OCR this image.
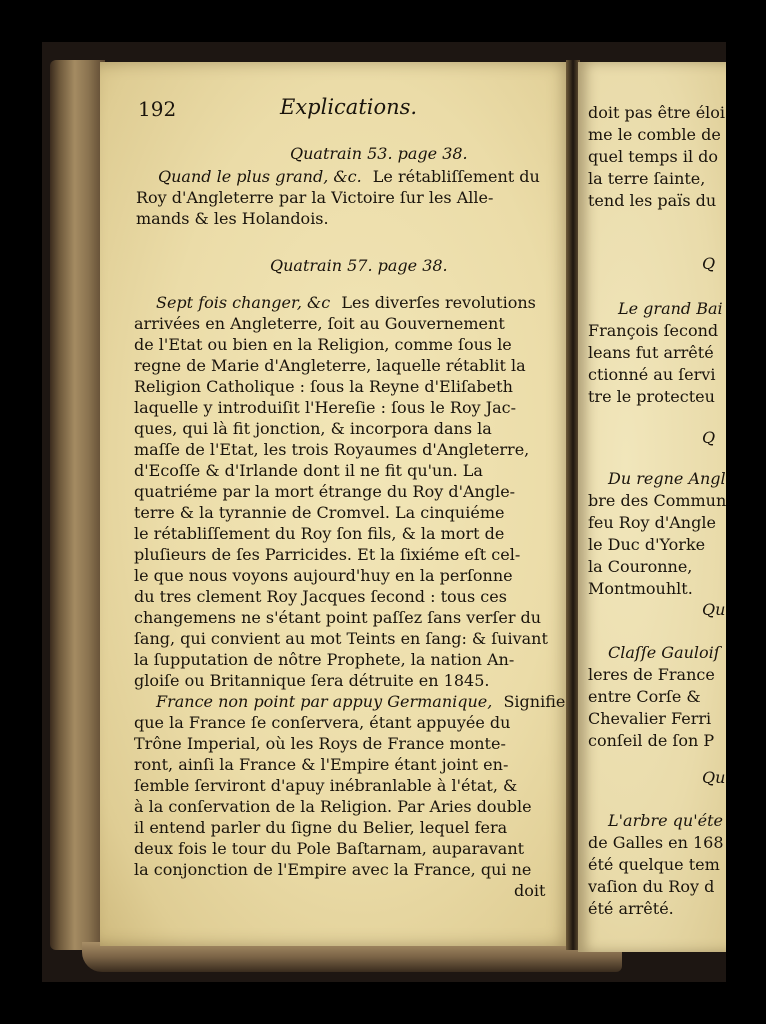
192	Explications.
Quatrain 53. page 38.
Quand le plus grand, &c. Le rétabliſſement du
Roy d'Angleterre par la Victoire ſur les Alle-
mands & les Holandois.
Quatrain 57. page 38.
Sept fois changer, &c Les diverſes revolutions
arrivées en Angleterre, ſoit au Gouvernement
de l'Etat ou bien en la Religion, comme ſous le
regne de Marie d'Angleterre, laquelle rétablit la
Religion Catholique : ſous la Reyne d'Eliſabeth
laquelle y introduiſit l'Hereſie : ſous le Roy Jac-
ques, qui là fit jonction, & incorpora dans la
maſſe de l'Etat, les trois Royaumes d'Angleterre,
d'Ecoſſe & d'Irlande dont il ne fit qu'un. La
quatriéme par la mort étrange du Roy d'Angle-
terre & la tyrannie de Cromvel. La cinquiéme
le rétabliſſement du Roy ſon fils, & la mort de
pluſieurs de ſes Parricides. Et la ſixiéme eſt cel-
le que nous voyons aujourd'huy en la perſonne
du tres clement Roy Jacques ſecond : tous ces
changemens ne s'étant point paſſez ſans verſer du
ſang, qui convient au mot Teints en ſang: & ſuivant
la ſupputation de nôtre Prophete, la nation An-
gloiſe ou Britannique ſera détruite en 1845.
France non point par appuy Germanique, Signifie
que la France ſe conſervera, étant appuyée du
Trône Imperial, où les Roys de France monte-
ront, ainſi la France & l'Empire étant joint en-
ſemble ſerviront d'apuy inébranlable à l'état, &
à la conſervation de la Religion. Par Aries double
il entend parler du ſigne du Belier, lequel fera
deux fois le tour du Pole Baſtarnam, auparavant
la conjonction de l'Empire avec la France, qui ne
doit
doit pas être éloi
me le comble de
quel temps il do
la terre ſainte,
tend les païs du
Q
Le grand Bai
François ſecond
leans fut arrêté
ctionné au ſervi
tre le protecteu
Q
Du regne Angl
bre des Commun
feu Roy d'Angle
le Duc d'Yorke
la Couronne,
Montmouhlt.
Qu
Claſſe Gauloiſ
leres de France
entre Corſe &
Chevalier Ferri
conſeil de ſon P
Qu
L'arbre qu'éte
de Galles en 168
été quelque tem
vaſion du Roy d
été arrêté.
